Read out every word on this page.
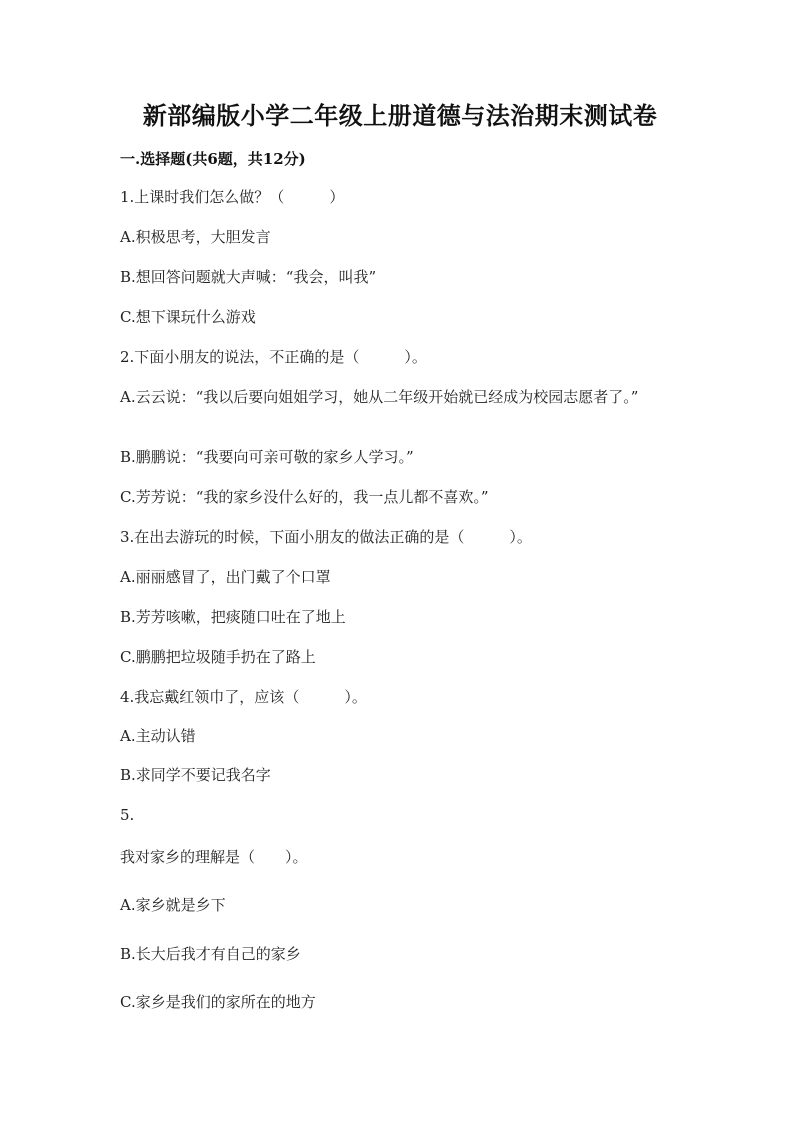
新部编版小学二年级上册道德与法治期末测试卷
一.选择题(共6题，共12分)
1.上课时我们怎么做？（　　　）
A.积极思考，大胆发言
B.想回答问题就大声喊：“我会，叫我”
C.想下课玩什么游戏
2.下面小朋友的说法，不正确的是（　　　）。
A.云云说：“我以后要向姐姐学习，她从二年级开始就已经成为校园志愿者了。”
B.鹏鹏说：“我要向可亲可敬的家乡人学习。”
C.芳芳说：“我的家乡没什么好的，我一点儿都不喜欢。”
3.在出去游玩的时候，下面小朋友的做法正确的是（　　　）。
A.丽丽感冒了，出门戴了个口罩
B.芳芳咳嗽，把痰随口吐在了地上
C.鹏鹏把垃圾随手扔在了路上
4.我忘戴红领巾了，应该（　　　）。
A.主动认错
B.求同学不要记我名字
5.
我对家乡的理解是（　　）。
A.家乡就是乡下
B.长大后我才有自己的家乡
C.家乡是我们的家所在的地方
